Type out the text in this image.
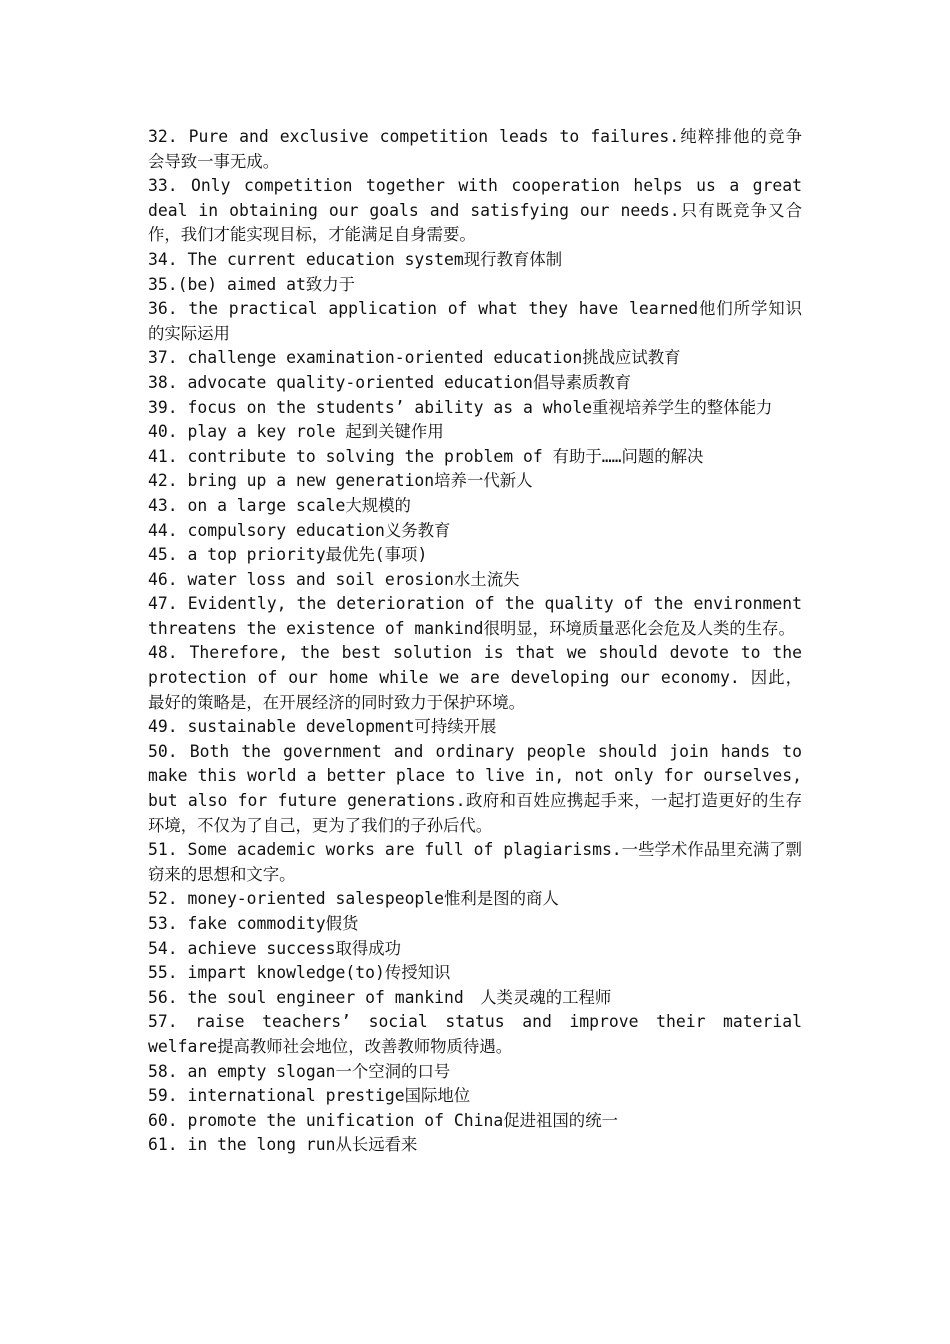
32. Pure and exclusive competition leads to failures.纯粹排他的竞争会导致一事无成。

33. Only competition together with cooperation helps us a great deal in obtaining our goals and satisfying our needs.只有既竞争又合作，我们才能实现目标，才能满足自身需要。

34. The current education system现行教育体制

35.(be) aimed at致力于

36. the practical application of what they have learned他们所学知识的实际运用

37. challenge examination-oriented education挑战应试教育

38. advocate quality-oriented education倡导素质教育

39. focus on the students’ ability as a whole重视培养学生的整体能力

40. play a key role 起到关键作用

41. contribute to solving the problem of 有助于……问题的解决

42. bring up a new generation培养一代新人

43. on a large scale大规模的

44. compulsory education义务教育

45. a top priority最优先(事项)

46. water loss and soil erosion水土流失

47. Evidently, the deterioration of the quality of the environment threatens the existence of mankind很明显，环境质量恶化会危及人类的生存。

48. Therefore, the best solution is that we should devote to the protection of our home while we are developing our economy. 因此，最好的策略是，在开展经济的同时致力于保护环境。

49. sustainable development可持续开展

50. Both the government and ordinary people should join hands to make this world a better place to live in, not only for ourselves, but also for future generations.政府和百姓应携起手来，一起打造更好的生存环境，不仅为了自己，更为了我们的子孙后代。

51. Some academic works are full of plagiarisms.一些学术作品里充满了剽窃来的思想和文字。

52. money-oriented salespeople惟利是图的商人

53. fake commodity假货

54. achieve success取得成功

55. impart knowledge(to)传授知识

56. the soul engineer of mankind　人类灵魂的工程师

57. raise teachers’ social status and improve their material welfare提高教师社会地位，改善教师物质待遇。

58. an empty slogan一个空洞的口号

59. international prestige国际地位

60. promote the unification of China促进祖国的统一

61. in the long run从长远看来
